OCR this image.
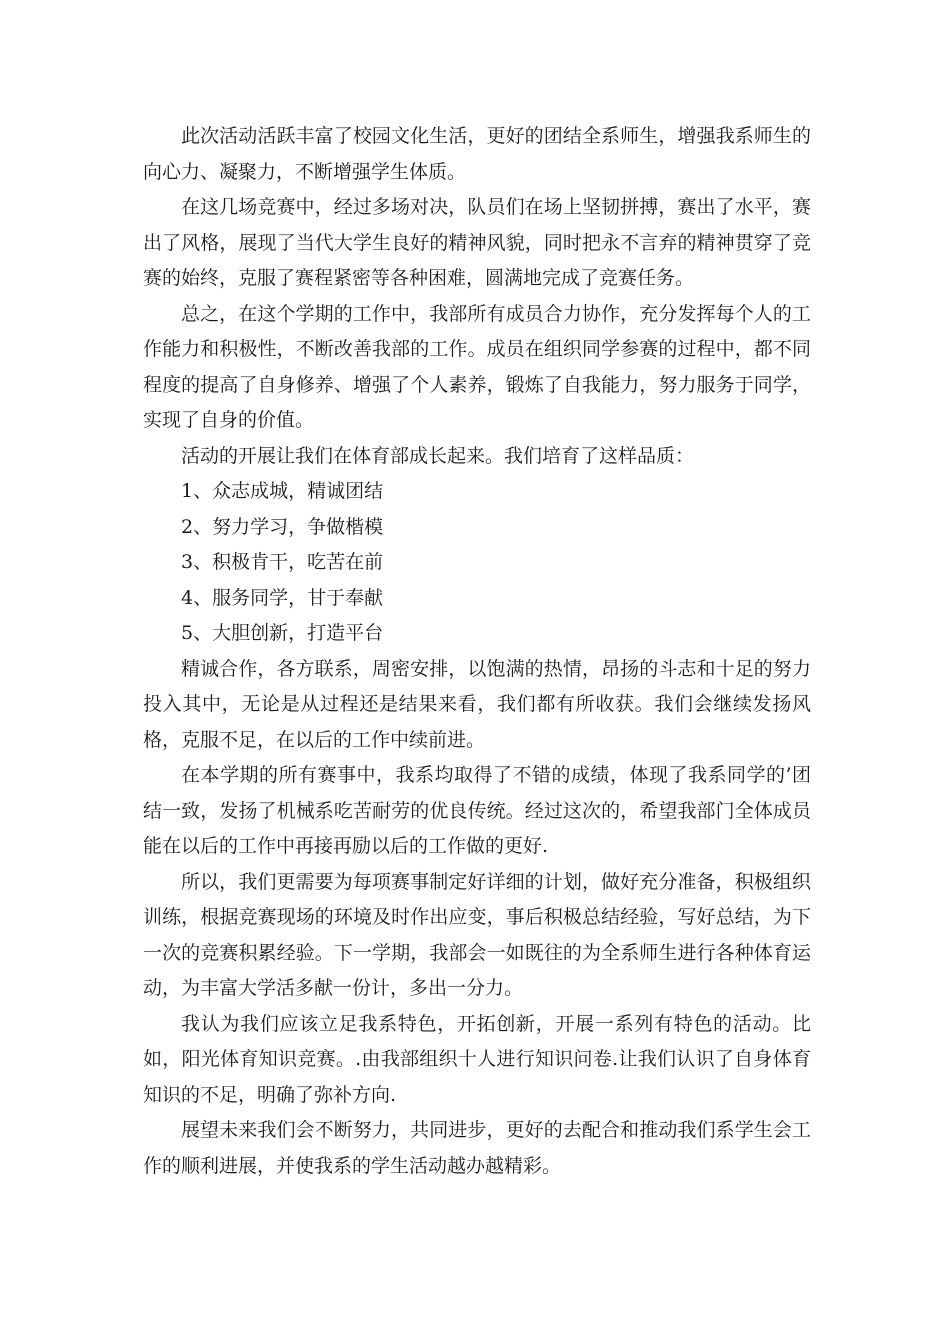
此次活动活跃丰富了校园文化生活，更好的团结全系师生，增强我系师生的向心力、凝聚力，不断增强学生体质。

在这几场竞赛中，经过多场对决，队员们在场上坚韧拼搏，赛出了水平，赛出了风格，展现了当代大学生良好的精神风貌，同时把永不言弃的精神贯穿了竞赛的始终，克服了赛程紧密等各种困难，圆满地完成了竞赛任务。

总之，在这个学期的工作中，我部所有成员合力协作，充分发挥每个人的工作能力和积极性，不断改善我部的工作。成员在组织同学参赛的过程中，都不同程度的提高了自身修养、增强了个人素养，锻炼了自我能力，努力服务于同学，实现了自身的价值。

活动的开展让我们在体育部成长起来。我们培育了这样品质：

1、众志成城，精诚团结

2、努力学习，争做楷模

3、积极肯干，吃苦在前

4、服务同学，甘于奉献

5、大胆创新，打造平台

精诚合作，各方联系，周密安排，以饱满的热情，昂扬的斗志和十足的努力投入其中，无论是从过程还是结果来看，我们都有所收获。我们会继续发扬风格，克服不足，在以后的工作中续前进。

在本学期的所有赛事中，我系均取得了不错的成绩，体现了我系同学的’团结一致，发扬了机械系吃苦耐劳的优良传统。经过这次的，希望我部门全体成员能在以后的工作中再接再励以后的工作做的更好.

所以，我们更需要为每项赛事制定好详细的计划，做好充分准备，积极组织训练，根据竞赛现场的环境及时作出应变，事后积极总结经验，写好总结，为下一次的竞赛积累经验。下一学期，我部会一如既往的为全系师生进行各种体育运动，为丰富大学活多献一份计，多出一分力。

我认为我们应该立足我系特色，开拓创新，开展一系列有特色的活动。比如，阳光体育知识竞赛。.由我部组织十人进行知识问卷.让我们认识了自身体育知识的不足，明确了弥补方向.

展望未来我们会不断努力，共同进步，更好的去配合和推动我们系学生会工作的顺利进展，并使我系的学生活动越办越精彩。
